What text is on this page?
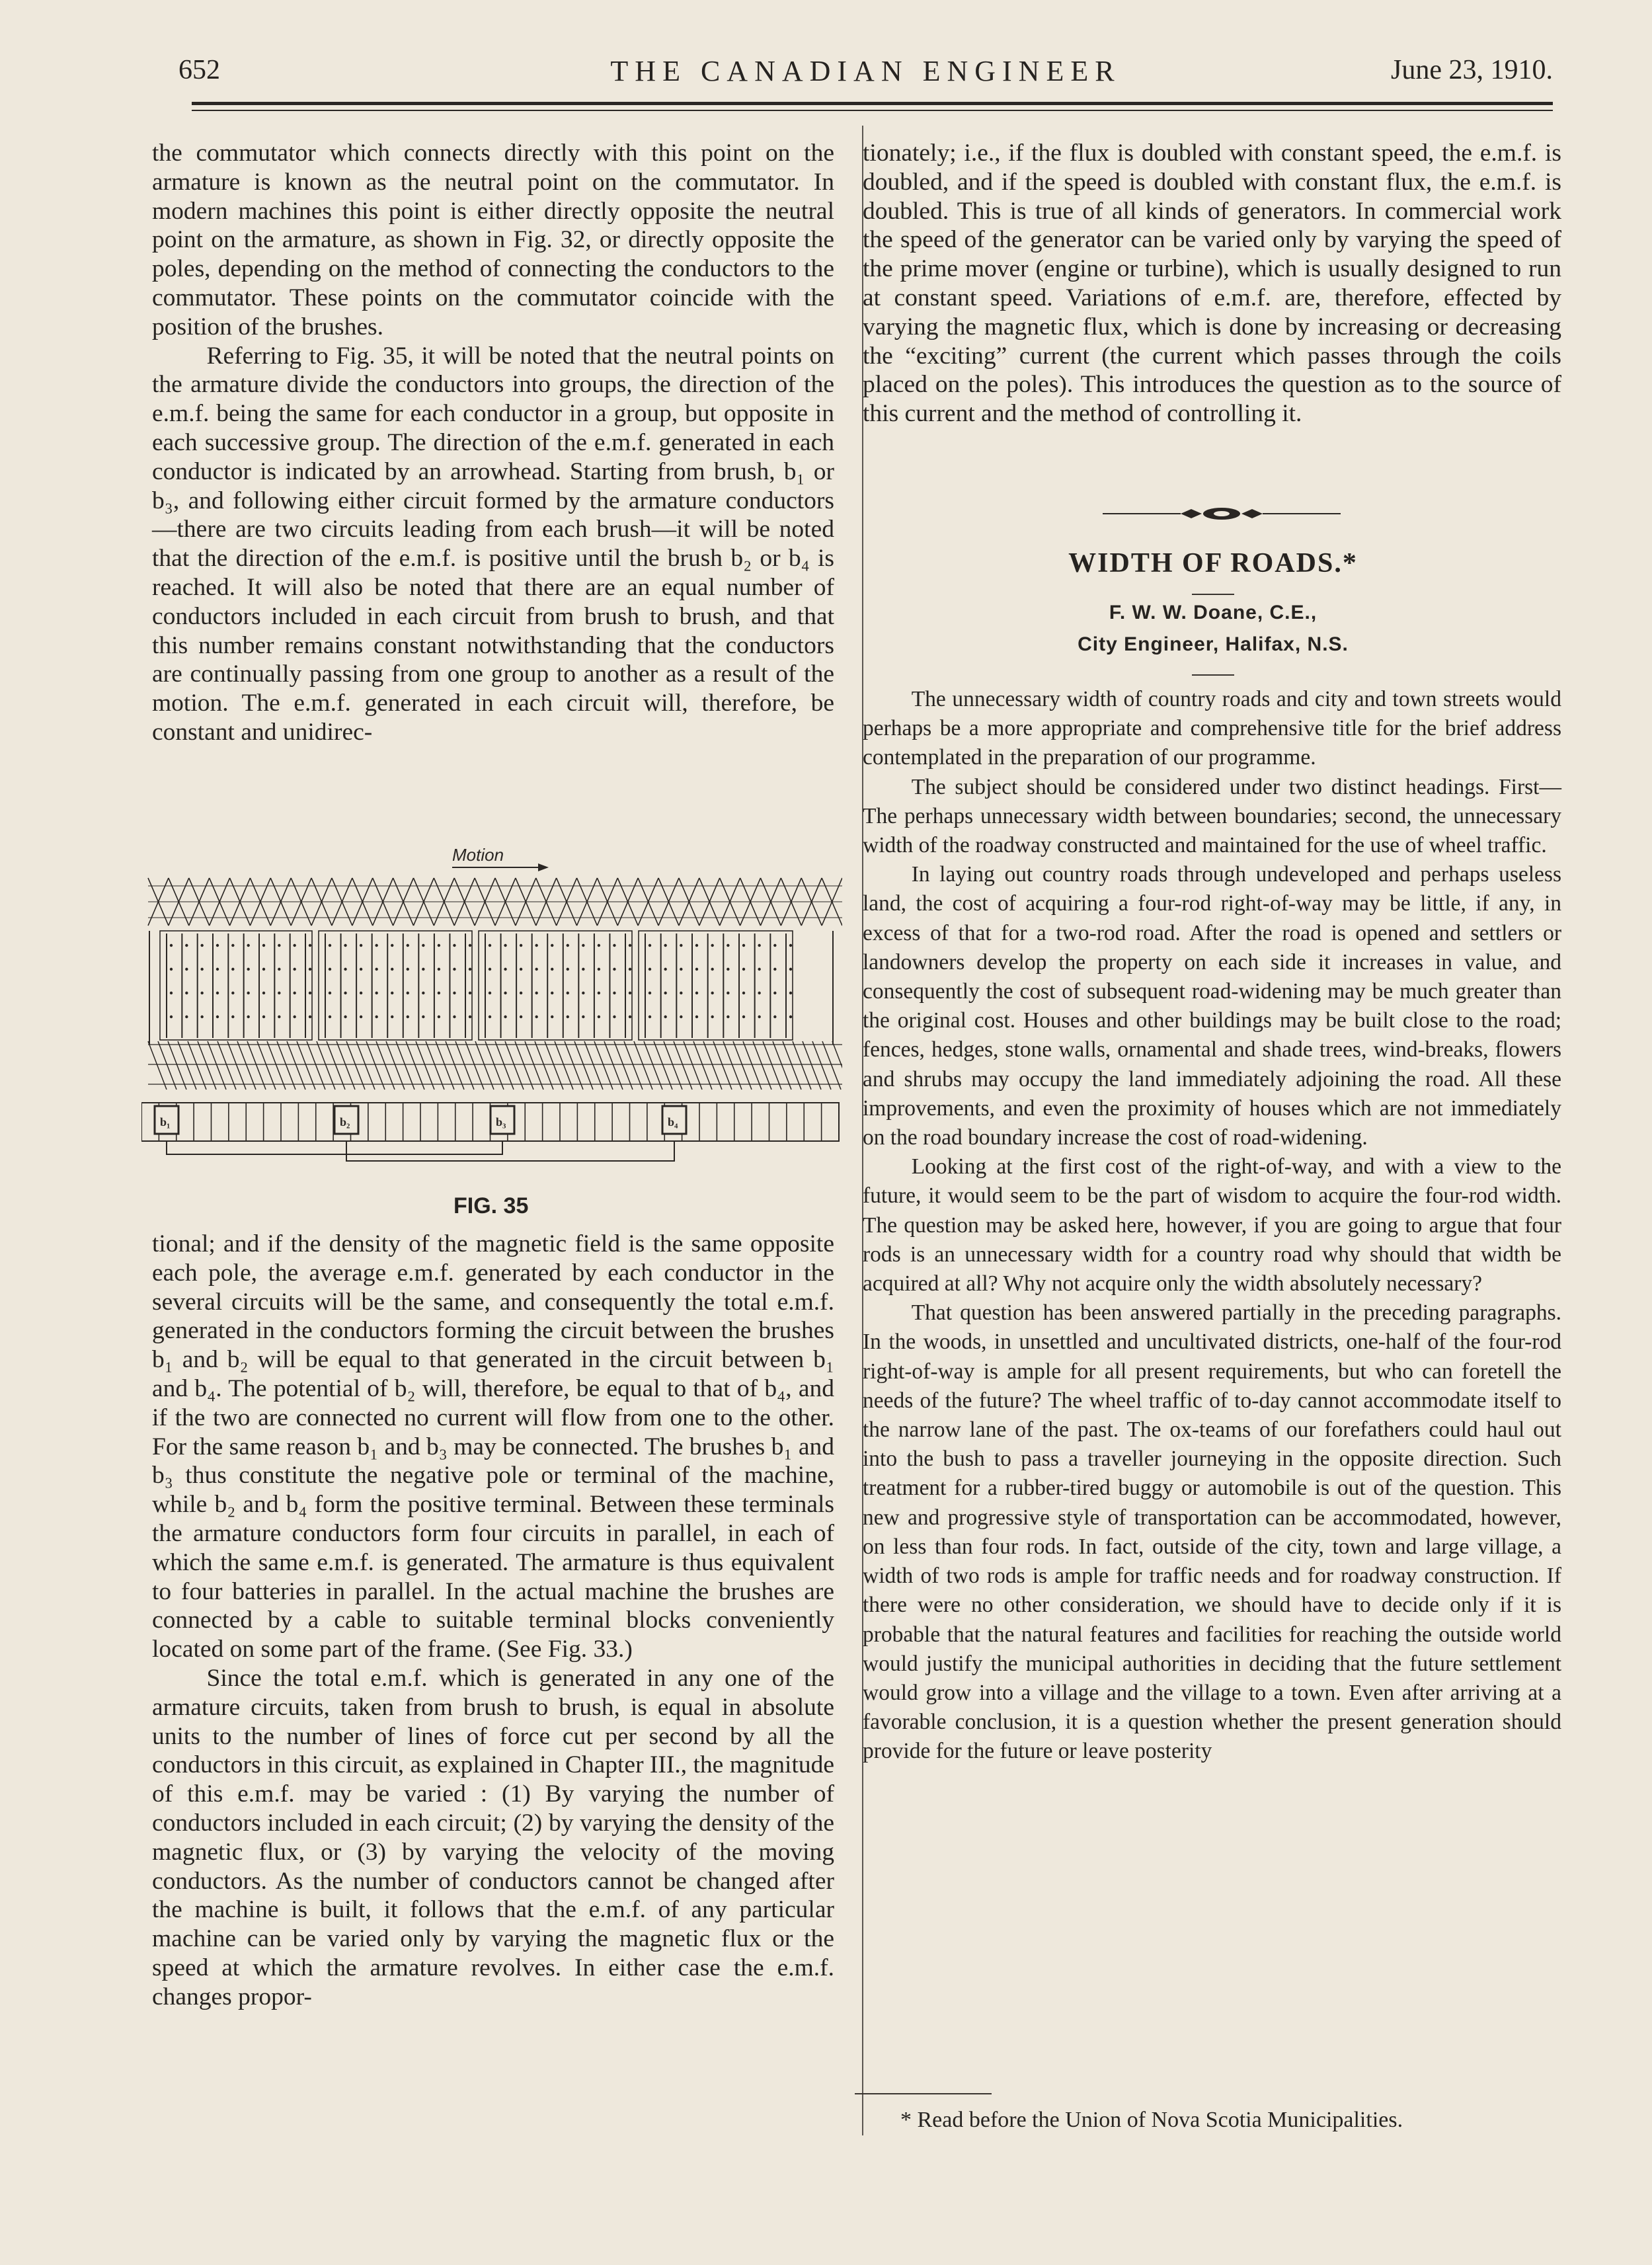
652	THE CANADIAN ENGINEER	June 23, 1910.

the commutator which connects directly with this point on the armature is known as the neutral point on the commutator. In modern machines this point is either directly opposite the neutral point on the armature, as shown in Fig. 32, or directly opposite the poles, depending on the method of connecting the conductors to the commutator. These points on the commutator coincide with the position of the brushes.

Referring to Fig. 35, it will be noted that the neutral points on the armature divide the conductors into groups, the direction of the e.m.f. being the same for each conductor in a group, but opposite in each successive group. The direction of the e.m.f. generated in each conductor is indicated by an arrowhead. Starting from brush, b₁ or b₃, and following either circuit formed by the armature conductors—there are two circuits leading from each brush—it will be noted that the direction of the e.m.f. is positive until the brush b₂ or b₄ is reached. It will also be noted that there are an equal number of conductors included in each circuit from brush to brush, and that this number remains constant notwithstanding that the conductors are continually passing from one group to another as a result of the motion. The e.m.f. generated in each circuit will, therefore, be constant and unidirec-

Motion
b₁	b₂	b₃	b₄
FIG. 35

tional; and if the density of the magnetic field is the same opposite each pole, the average e.m.f. generated by each conductor in the several circuits will be the same, and consequently the total e.m.f. generated in the conductors forming the circuit between the brushes b₁ and b₂ will be equal to that generated in the circuit between b₁ and b₄. The potential of b₂ will, therefore, be equal to that of b₄, and if the two are connected no current will flow from one to the other. For the same reason b₁ and b₃ may be connected. The brushes b₁ and b₃ thus constitute the negative pole or terminal of the machine, while b₂ and b₄ form the positive terminal. Between these terminals the armature conductors form four circuits in parallel, in each of which the same e.m.f. is generated. The armature is thus equivalent to four batteries in parallel. In the actual machine the brushes are connected by a cable to suitable terminal blocks conveniently located on some part of the frame. (See Fig. 33.)

Since the total e.m.f. which is generated in any one of the armature circuits, taken from brush to brush, is equal in absolute units to the number of lines of force cut per second by all the conductors in this circuit, as explained in Chapter III., the magnitude of this e.m.f. may be varied : (1) By varying the number of conductors included in each circuit; (2) by varying the density of the magnetic flux, or (3) by varying the velocity of the moving conductors. As the number of conductors cannot be changed after the machine is built, it follows that the e.m.f. of any particular machine can be varied only by varying the magnetic flux or the speed at which the armature revolves. In either case the e.m.f. changes propor-

tionately; i.e., if the flux is doubled with constant speed, the e.m.f. is doubled, and if the speed is doubled with constant flux, the e.m.f. is doubled. This is true of all kinds of generators. In commercial work the speed of the generator can be varied only by varying the speed of the prime mover (engine or turbine), which is usually designed to run at constant speed. Variations of e.m.f. are, therefore, effected by varying the magnetic flux, which is done by increasing or decreasing the “exciting” current (the current which passes through the coils placed on the poles). This introduces the question as to the source of this current and the method of controlling it.

WIDTH OF ROADS.*
F. W. W. Doane, C.E.,
City Engineer, Halifax, N.S.

The unnecessary width of country roads and city and town streets would perhaps be a more appropriate and comprehensive title for the brief address contemplated in the preparation of our programme.

The subject should be considered under two distinct headings. First—The perhaps unnecessary width between boundaries; second, the unnecessary width of the roadway constructed and maintained for the use of wheel traffic.

In laying out country roads through undeveloped and perhaps useless land, the cost of acquiring a four-rod right-of-way may be little, if any, in excess of that for a two-rod road. After the road is opened and settlers or landowners develop the property on each side it increases in value, and consequently the cost of subsequent road-widening may be much greater than the original cost. Houses and other buildings may be built close to the road; fences, hedges, stone walls, ornamental and shade trees, wind-breaks, flowers and shrubs may occupy the land immediately adjoining the road. All these improvements, and even the proximity of houses which are not immediately on the road boundary increase the cost of road-widening.

Looking at the first cost of the right-of-way, and with a view to the future, it would seem to be the part of wisdom to acquire the four-rod width. The question may be asked here, however, if you are going to argue that four rods is an unnecessary width for a country road why should that width be acquired at all? Why not acquire only the width absolutely necessary?

That question has been answered partially in the preceding paragraphs. In the woods, in unsettled and uncultivated districts, one-half of the four-rod right-of-way is ample for all present requirements, but who can foretell the needs of the future? The wheel traffic of to-day cannot accommodate itself to the narrow lane of the past. The ox-teams of our forefathers could haul out into the bush to pass a traveller journeying in the opposite direction. Such treatment for a rubber-tired buggy or automobile is out of the question. This new and progressive style of transportation can be accommodated, however, on less than four rods. In fact, outside of the city, town and large village, a width of two rods is ample for traffic needs and for roadway construction. If there were no other consideration, we should have to decide only if it is probable that the natural features and facilities for reaching the outside world would justify the municipal authorities in deciding that the future settlement would grow into a village and the village to a town. Even after arriving at a favorable conclusion, it is a question whether the present generation should provide for the future or leave posterity

* Read before the Union of Nova Scotia Municipalities.
